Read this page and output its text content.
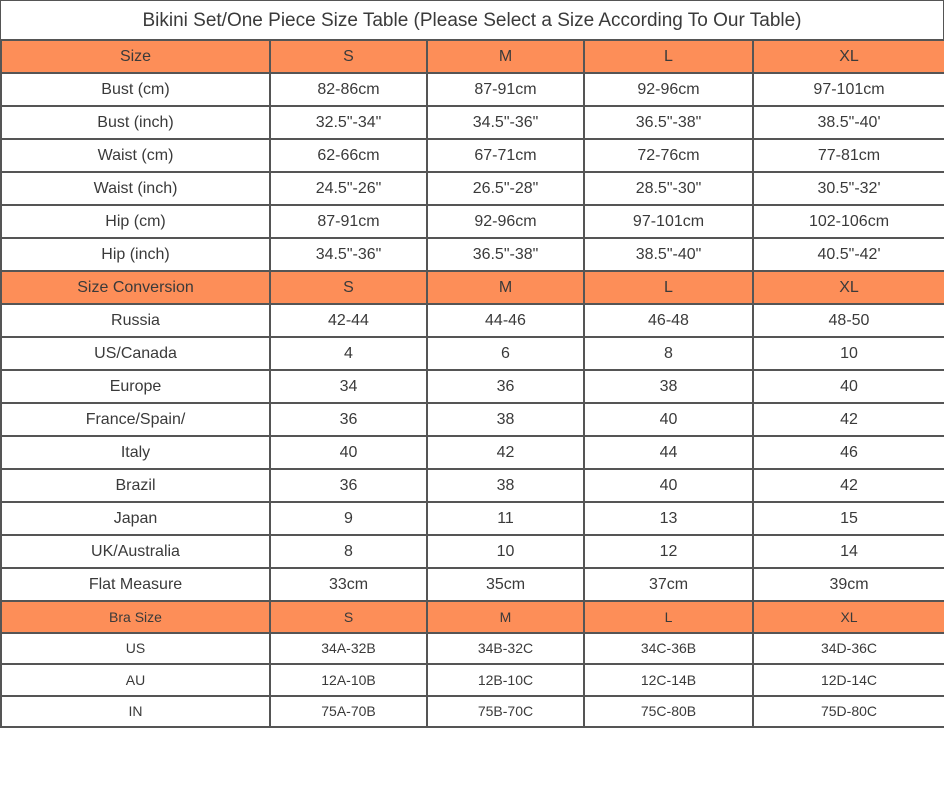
Bikini Set/One Piece Size Table (Please Select a Size According To Our Table)
Size	S	M	L	XL
Bust (cm)	82-86cm	87-91cm	92-96cm	97-101cm
Bust (inch)	32.5"-34"	34.5"-36"	36.5"-38"	38.5"-40'
Waist (cm)	62-66cm	67-71cm	72-76cm	77-81cm
Waist (inch)	24.5"-26"	26.5"-28"	28.5"-30"	30.5"-32'
Hip (cm)	87-91cm	92-96cm	97-101cm	102-106cm
Hip (inch)	34.5"-36"	36.5"-38"	38.5"-40"	40.5"-42'
Size Conversion	S	M	L	XL
Russia	42-44	44-46	46-48	48-50
US/Canada	4	6	8	10
Europe	34	36	38	40
France/Spain/	36	38	40	42
Italy	40	42	44	46
Brazil	36	38	40	42
Japan	9	11	13	15
UK/Australia	8	10	12	14
Flat Measure	33cm	35cm	37cm	39cm
Bra Size	S	M	L	XL
US	34A-32B	34B-32C	34C-36B	34D-36C
AU	12A-10B	12B-10C	12C-14B	12D-14C
IN	75A-70B	75B-70C	75C-80B	75D-80C
